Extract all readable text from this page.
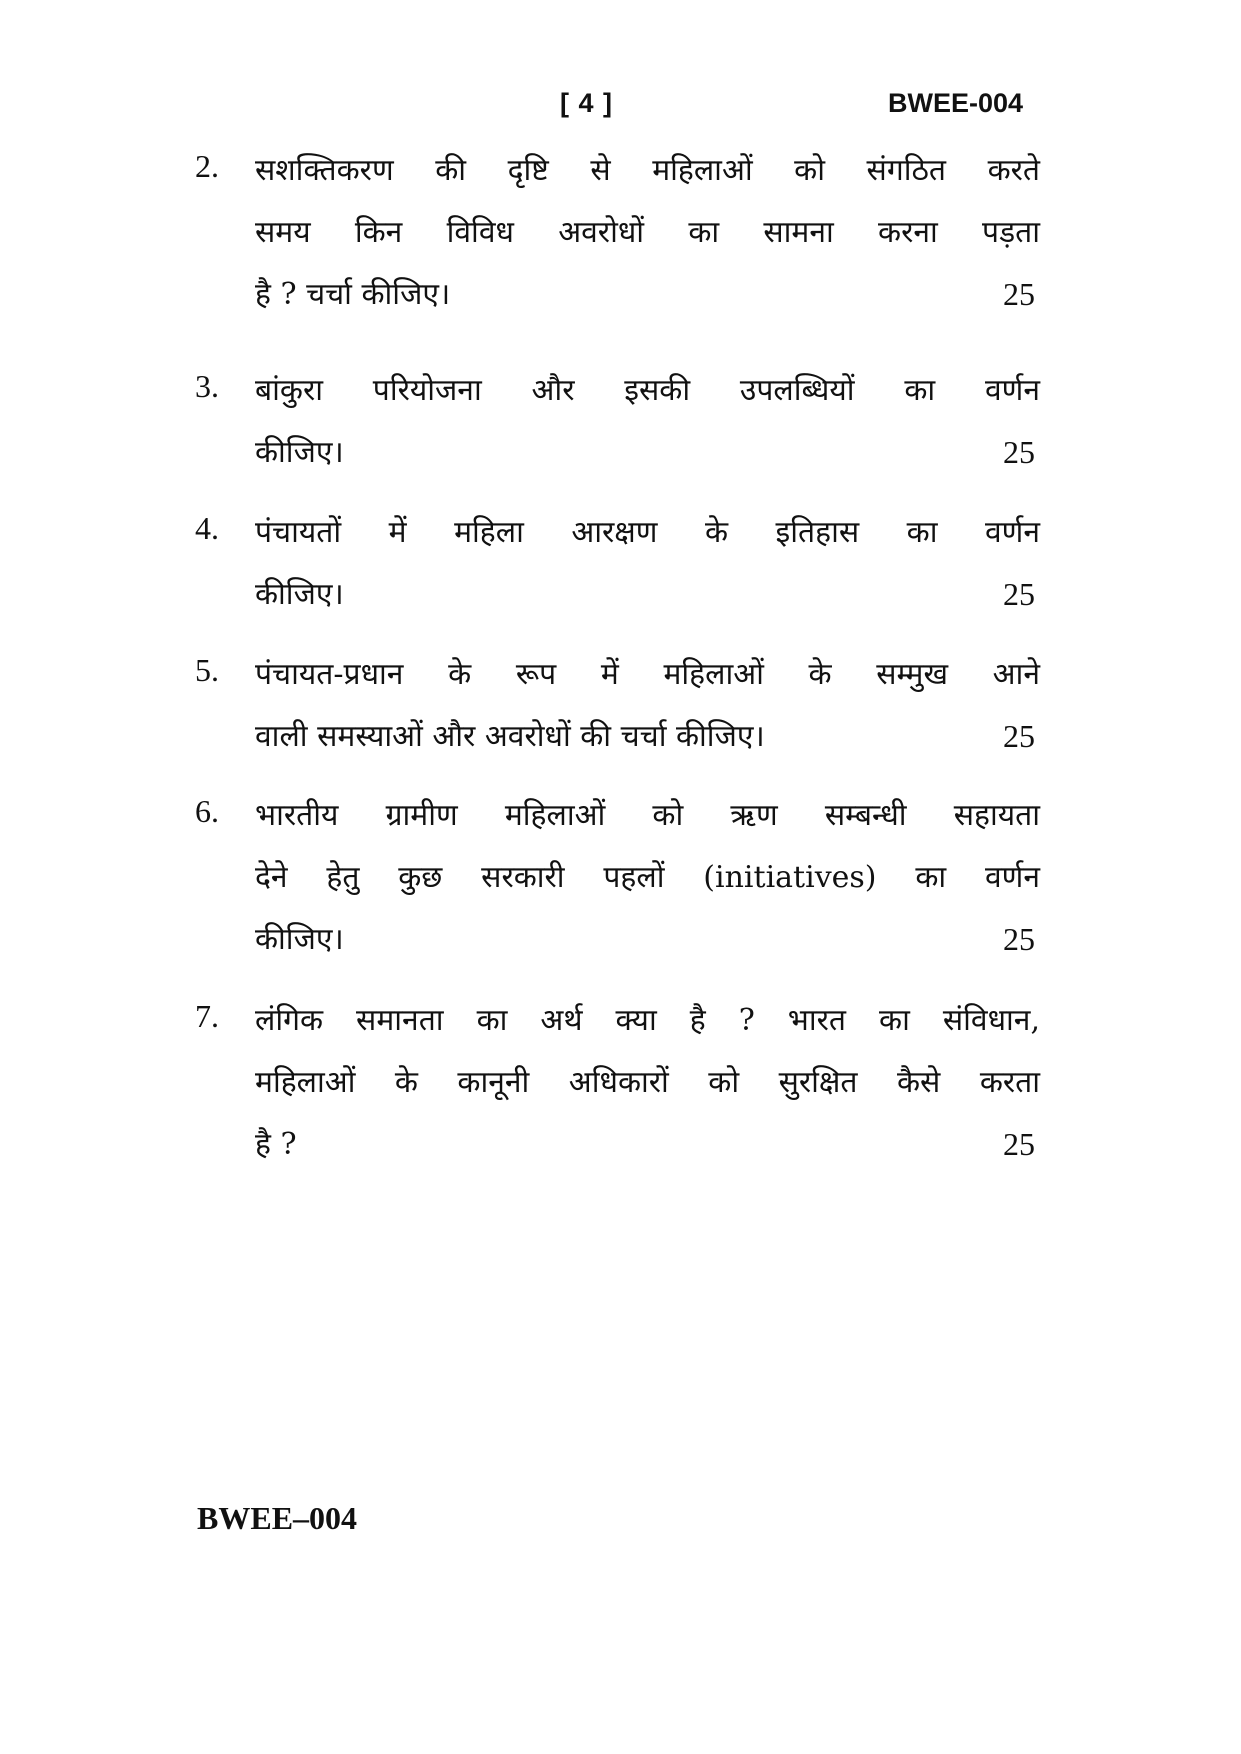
[ 4 ]	BWEE-004
2. सशक्तिकरण की दृष्टि से महिलाओं को संगठित करते
समय किन विविध अवरोधों का सामना करना पड़ता
है ? चर्चा कीजिए।	25
3. बांकुरा परियोजना और इसकी उपलब्धियों का वर्णन
कीजिए।	25
4. पंचायतों में महिला आरक्षण के इतिहास का वर्णन
कीजिए।	25
5. पंचायत-प्रधान के रूप में महिलाओं के सम्मुख आने
वाली समस्याओं और अवरोधों की चर्चा कीजिए।	25
6. भारतीय ग्रामीण महिलाओं को ऋण सम्बन्धी सहायता
देने हेतु कुछ सरकारी पहलों (initiatives) का वर्णन
कीजिए।	25
7. लंगिक समानता का अर्थ क्या है ? भारत का संविधान,
महिलाओं के कानूनी अधिकारों को सुरक्षित कैसे करता
है ?	25
BWEE–004
